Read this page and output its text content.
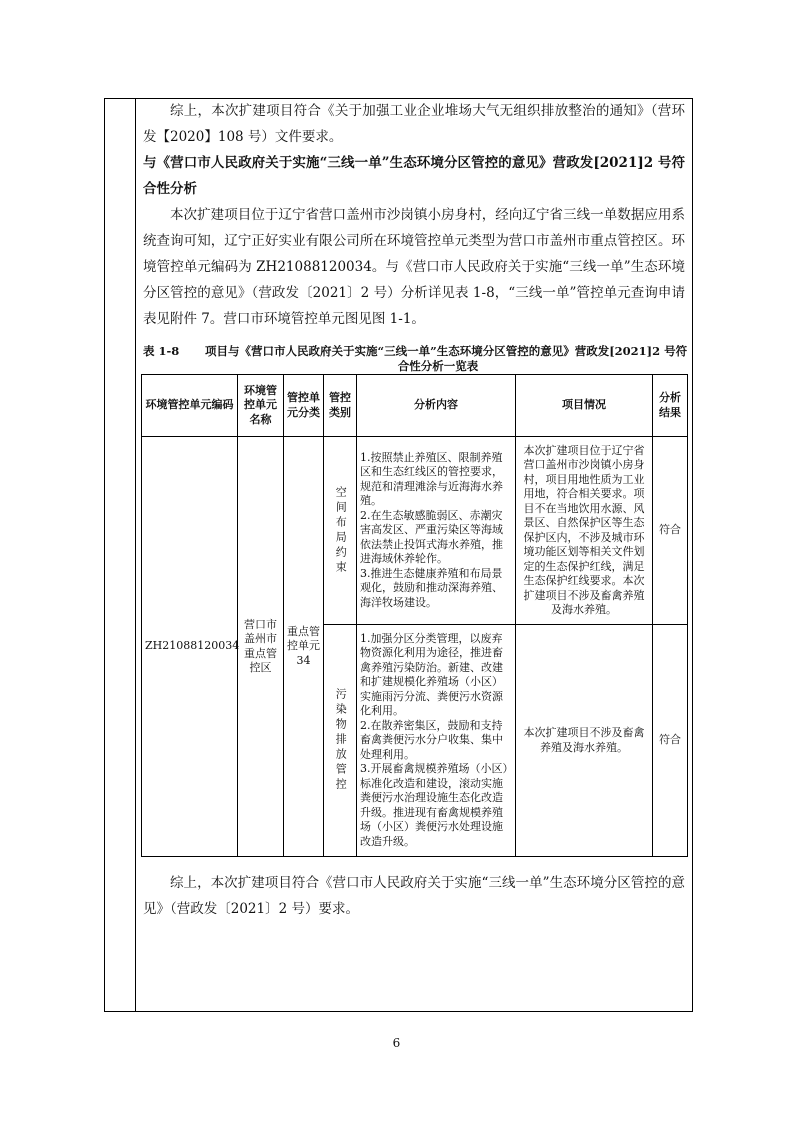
综上，本次扩建项目符合《关于加强工业企业堆场大气无组织排放整治的通知》（营环发【2020】108 号）文件要求。

与《营口市人民政府关于实施“三线一单”生态环境分区管控的意见》营政发[2021]2 号符合性分析

本次扩建项目位于辽宁省营口盖州市沙岗镇小房身村，经向辽宁省三线一单数据应用系统查询可知，辽宁正好实业有限公司所在环境管控单元类型为营口市盖州市重点管控区。环境管控单元编码为 ZH21088120034。与《营口市人民政府关于实施“三线一单”生态环境分区管控的意见》（营政发〔2021〕2 号）分析详见表 1-8，“三线一单”管控单元查询申请表见附件 7。营口市环境管控单元图见图 1-1。

表 1-8 项目与《营口市人民政府关于实施“三线一单”生态环境分区管控的意见》营政发[2021]2 号符
合性分析一览表
环境管控单元编码	环境管控单元名称	管控单元分类	管控类别	分析内容	项目情况	分析结果
ZH21088120034	营口市盖州市重点管控区	重点管控单元34	空间布局约束	1.按照禁止养殖区、限制养殖区和生态红线区的管控要求，规范和清理滩涂与近海海水养殖。

2.在生态敏感脆弱区、赤潮灾害高发区、严重污染区等海域依法禁止投饵式海水养殖，推进海域休养轮作。

3.推进生态健康养殖和布局景观化，鼓励和推动深海养殖、海洋牧场建设。	本次扩建项目位于辽宁省营口盖州市沙岗镇小房身村，项目用地性质为工业用地，符合相关要求。项目不在当地饮用水源、风景区、自然保护区等生态保护区内，不涉及城市环境功能区划等相关文件划定的生态保护红线，满足生态保护红线要求。本次扩建项目不涉及畜禽养殖及海水养殖。	符合

			污染物排放管控	1.加强分区分类管理，以废弃物资源化利用为途径，推进畜禽养殖污染防治。新建、改建和扩建规模化养殖场（小区）实施雨污分流、粪便污水资源化利用。

2.在散养密集区，鼓励和支持畜禽粪便污水分户收集、集中处理利用。

3.开展畜禽规模养殖场（小区）标准化改造和建设，滚动实施粪便污水治理设施生态化改造升级。推进现有畜禽规模养殖场（小区）粪便污水处理设施改造升级。	本次扩建项目不涉及畜禽养殖及海水养殖。	符合

综上，本次扩建项目符合《营口市人民政府关于实施“三线一单”生态环境分区管控的意见》（营政发〔2021〕2 号）要求。

6
